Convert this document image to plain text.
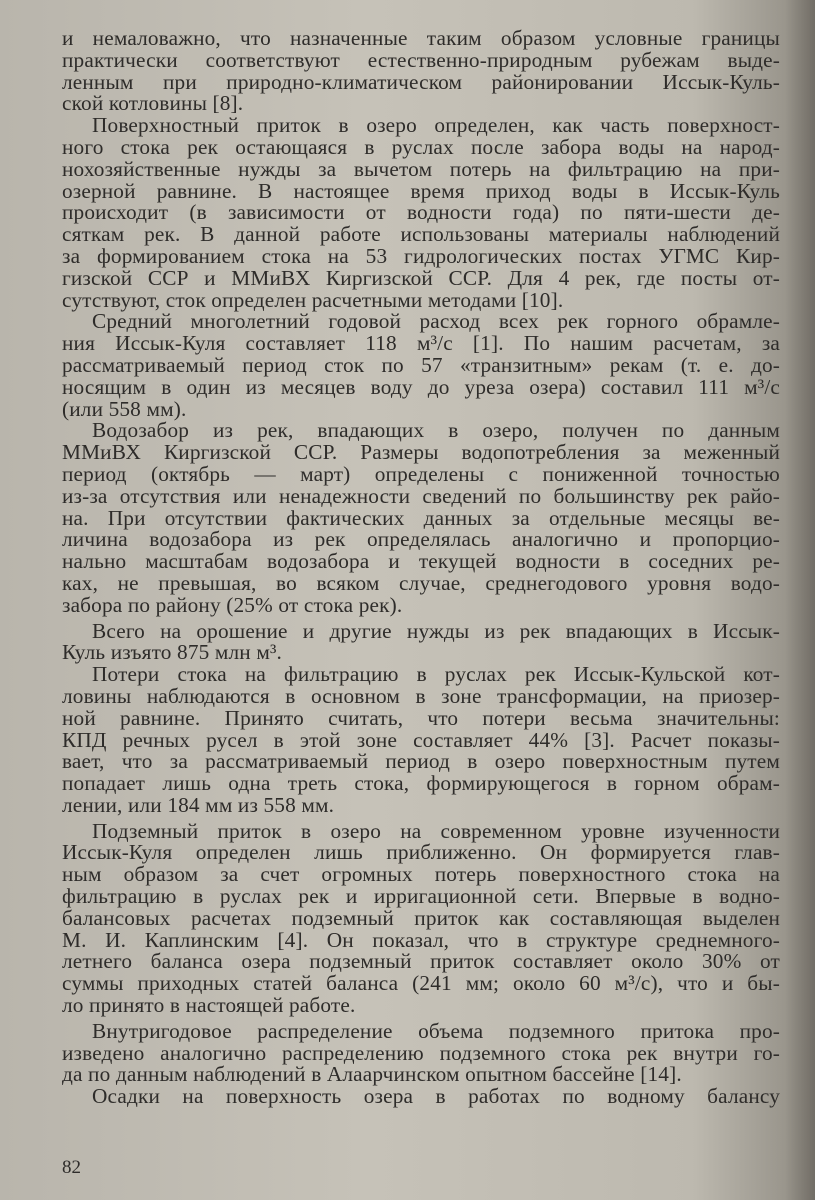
и немаловажно, что назначенные таким образом условные границы
практически соответствуют естественно-природным рубежам выде-
ленным при природно-климатическом районировании Иссык-Куль-
ской котловины [8].
Поверхностный приток в озеро определен, как часть поверхност-
ного стока рек остающаяся в руслах после забора воды на народ-
нохозяйственные нужды за вычетом потерь на фильтрацию на при-
озерной равнине. В настоящее время приход воды в Иссык-Куль
происходит (в зависимости от водности года) по пяти-шести де-
сяткам рек. В данной работе использованы материалы наблюдений
за формированием стока на 53 гидрологических постах УГМС Кир-
гизской ССР и ММиВХ Киргизской ССР. Для 4 рек, где посты от-
сутствуют, сток определен расчетными методами [10].
Средний многолетний годовой расход всех рек горного обрамле-
ния Иссык-Куля составляет 118 м³/с [1]. По нашим расчетам, за
рассматриваемый период сток по 57 «транзитным» рекам (т. е. до-
носящим в один из месяцев воду до уреза озера) составил 111 м³/с
(или 558 мм).
Водозабор из рек, впадающих в озеро, получен по данным
ММиВХ Киргизской ССР. Размеры водопотребления за меженный
период (октябрь — март) определены с пониженной точностью
из-за отсутствия или ненадежности сведений по большинству рек райо-
на. При отсутствии фактических данных за отдельные месяцы ве-
личина водозабора из рек определялась аналогично и пропорцио-
нально масштабам водозабора и текущей водности в соседних ре-
ках, не превышая, во всяком случае, среднегодового уровня водо-
забора по району (25% от стока рек).
Всего на орошение и другие нужды из рек впадающих в Иссык-
Куль изъято 875 млн м³.
Потери стока на фильтрацию в руслах рек Иссык-Кульской кот-
ловины наблюдаются в основном в зоне трансформации, на приозер-
ной равнине. Принято считать, что потери весьма значительны:
КПД речных русел в этой зоне составляет 44% [3]. Расчет показы-
вает, что за рассматриваемый период в озеро поверхностным путем
попадает лишь одна треть стока, формирующегося в горном обрам-
лении, или 184 мм из 558 мм.
Подземный приток в озеро на современном уровне изученности
Иссык-Куля определен лишь приближенно. Он формируется глав-
ным образом за счет огромных потерь поверхностного стока на
фильтрацию в руслах рек и ирригационной сети. Впервые в водно-
балансовых расчетах подземный приток как составляющая выделен
М. И. Каплинским [4]. Он показал, что в структуре среднемного-
летнего баланса озера подземный приток составляет около 30% от
суммы приходных статей баланса (241 мм; около 60 м³/с), что и бы-
ло принято в настоящей работе.
Внутригодовое распределение объема подземного притока про-
изведено аналогично распределению подземного стока рек внутри го-
да по данным наблюдений в Алаарчинском опытном бассейне [14].
Осадки на поверхность озера в работах по водному балансу
82
